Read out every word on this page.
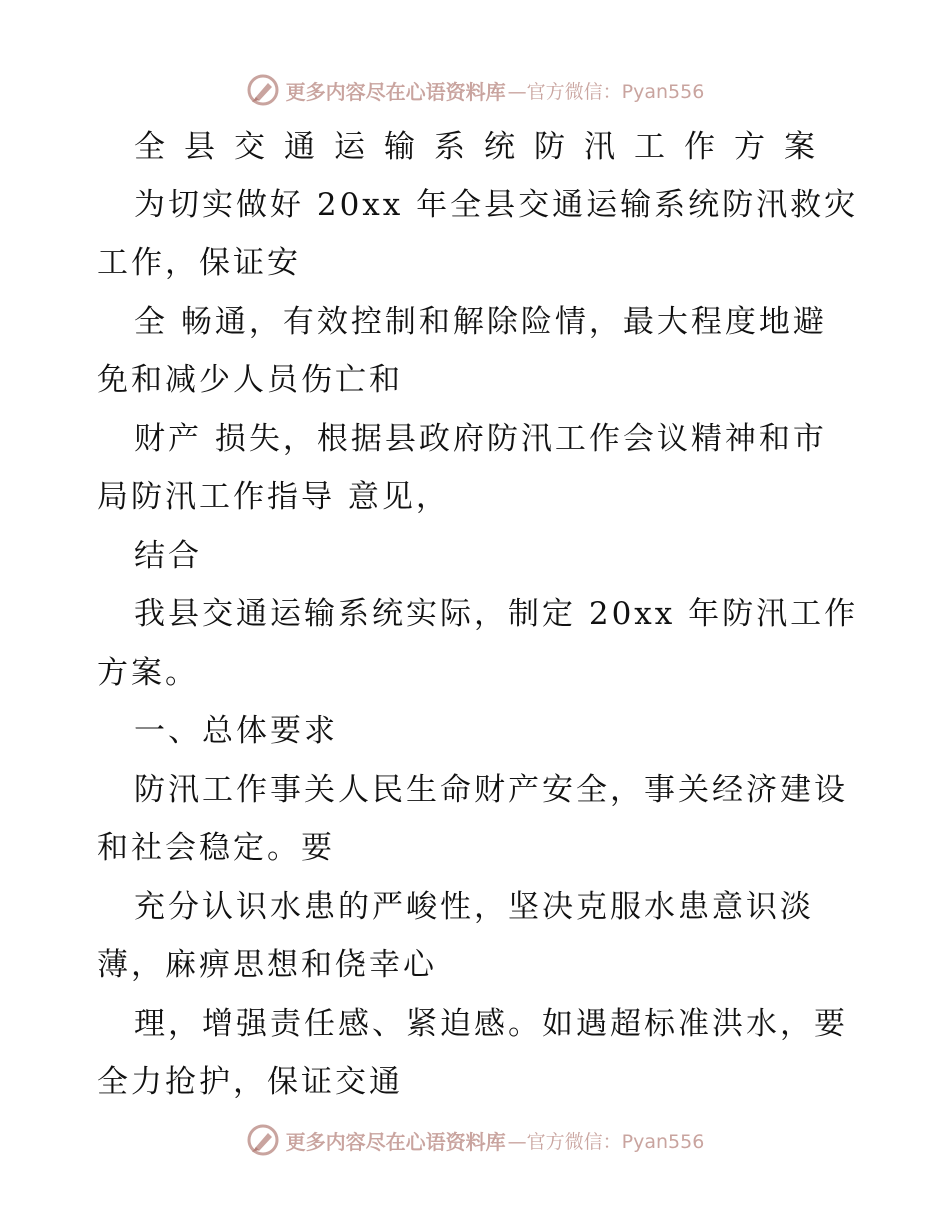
更多内容尽在心语资料库 —官方微信：Pyan556
全县交通运输系统防汛工作方案
为切实做好 20xx 年全县交通运输系统防汛救灾
工作，保证安
全 畅通，有效控制和解除险情，最大程度地避
免和减少人员伤亡和
财产 损失，根据县政府防汛工作会议精神和市
局防汛工作指导 意见，
结合
我县交通运输系统实际，制定 20xx 年防汛工作
方案。
一、总体要求
防汛工作事关人民生命财产安全，事关经济建设
和社会稳定。要
充分认识水患的严峻性，坚决克服水患意识淡
薄，麻痹思想和侥幸心
理，增强责任感、紧迫感。如遇超标准洪水，要
全力抢护，保证交通
更多内容尽在心语资料库 —官方微信：Pyan556
